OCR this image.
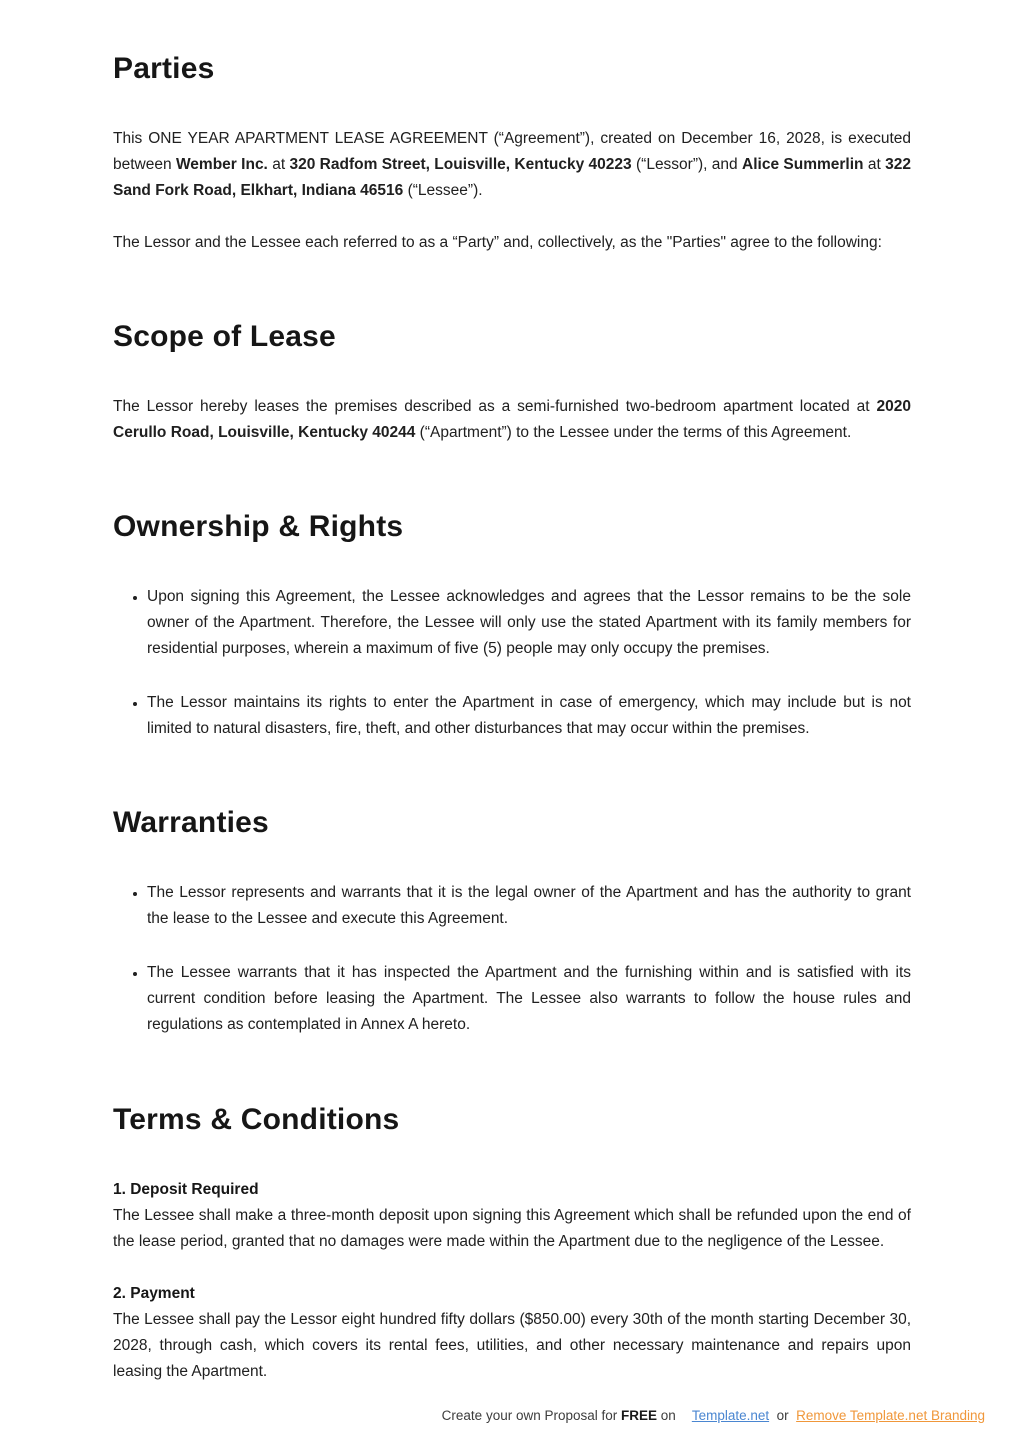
Parties

This ONE YEAR APARTMENT LEASE AGREEMENT (“Agreement”), created on December 16, 2028, is executed between Wember Inc. at 320 Radfom Street, Louisville, Kentucky 40223 (“Lessor”), and Alice Summerlin at 322 Sand Fork Road, Elkhart, Indiana 46516 (“Lessee”).

The Lessor and the Lessee each referred to as a “Party” and, collectively, as the "Parties" agree to the following:

Scope of Lease

The Lessor hereby leases the premises described as a semi-furnished two-bedroom apartment located at 2020 Cerullo Road, Louisville, Kentucky 40244 (“Apartment”) to the Lessee under the terms of this Agreement.

Ownership & Rights
• Upon signing this Agreement, the Lessee acknowledges and agrees that the Lessor remains to be the sole owner of the Apartment. Therefore, the Lessee will only use the stated Apartment with its family members for residential purposes, wherein a maximum of five (5) people may only occupy the premises.
• The Lessor maintains its rights to enter the Apartment in case of emergency, which may include but is not limited to natural disasters, fire, theft, and other disturbances that may occur within the premises.
Warranties
• The Lessor represents and warrants that it is the legal owner of the Apartment and has the authority to grant the lease to the Lessee and execute this Agreement.
• The Lessee warrants that it has inspected the Apartment and the furnishing within and is satisfied with its current condition before leasing the Apartment. The Lessee also warrants to follow the house rules and regulations as contemplated in Annex A hereto.
Terms & Conditions
1. Deposit Required

The Lessee shall make a three-month deposit upon signing this Agreement which shall be refunded upon the end of the lease period, granted that no damages were made within the Apartment due to the negligence of the Lessee.

2. Payment

The Lessee shall pay the Lessor eight hundred fifty dollars ($850.00) every 30th of the month starting December 30, 2028, through cash, which covers its rental fees, utilities, and other necessary maintenance and repairs upon leasing the Apartment.

Create your own Proposal for FREE on Template.net or Remove Template.net Branding
